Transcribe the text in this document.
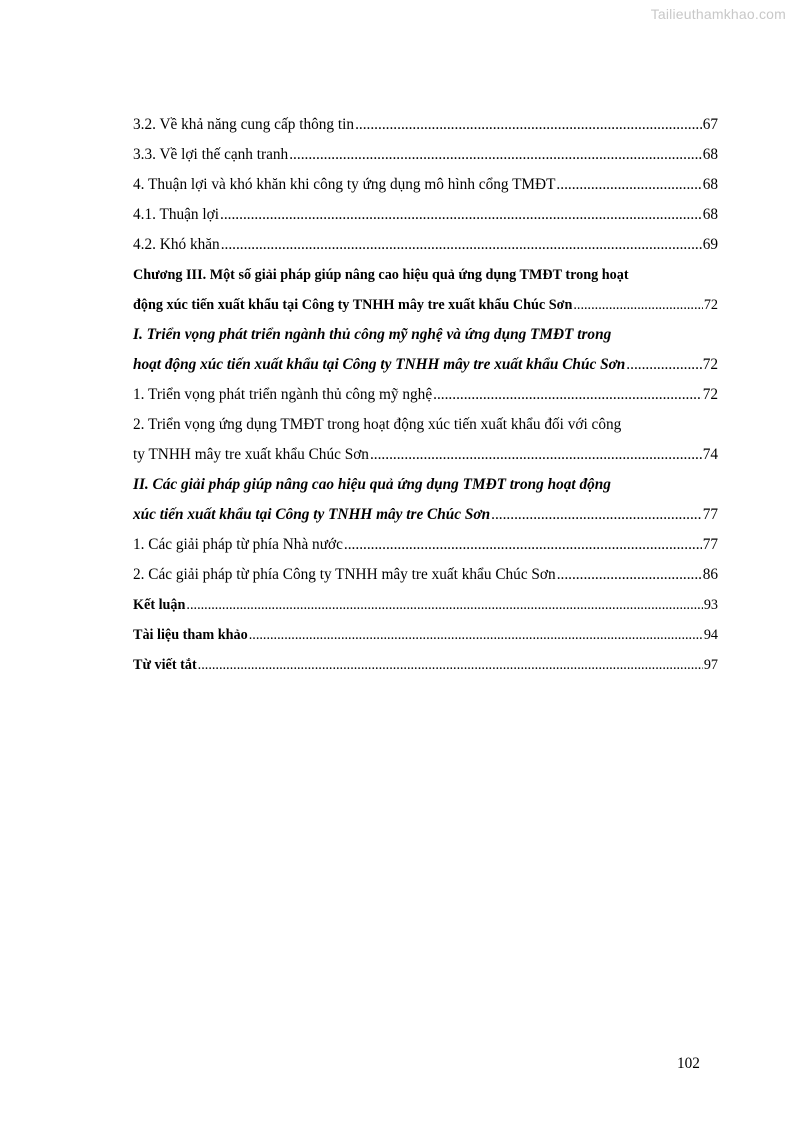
Tailieuthamkhao.com
3.2. Về khả năng cung cấp thông tin .....	67
3.3. Về lợi thế cạnh tranh .....	68
4. Thuận lợi và khó khăn khi công ty ứng dụng mô hình cổng TMĐT .....	68
4.1. Thuận lợi .....	68
4.2. Khó khăn .....	69
Chương III. Một số giải pháp giúp nâng cao hiệu quả ứng dụng TMĐT trong hoạt
động xúc tiến xuất khẩu tại Công ty TNHH mây tre xuất khẩu Chúc Sơn .....	72
I. Triển vọng phát triển ngành thủ công mỹ nghệ và ứng dụng TMĐT trong
hoạt động xúc tiến xuất khẩu tại Công ty TNHH mây tre xuất khẩu Chúc Sơn .....	72
1. Triển vọng phát triển ngành thủ công mỹ nghệ .....	72
2. Triển vọng ứng dụng TMĐT trong hoạt động xúc tiến xuất khẩu đối với công
ty TNHH mây tre xuất khẩu Chúc Sơn .....	74
II. Các giải pháp giúp nâng cao hiệu quả ứng dụng TMĐT trong hoạt động
xúc tiến xuất khẩu tại Công ty TNHH mây tre Chúc Sơn .....	77
1. Các giải pháp từ phía Nhà nước .....	77
2. Các giải pháp từ phía Công ty TNHH mây tre xuất khẩu Chúc Sơn .....	86
Kết luận .....	93
Tài liệu tham khảo .....	94
Từ viết tắt .....	97
102
